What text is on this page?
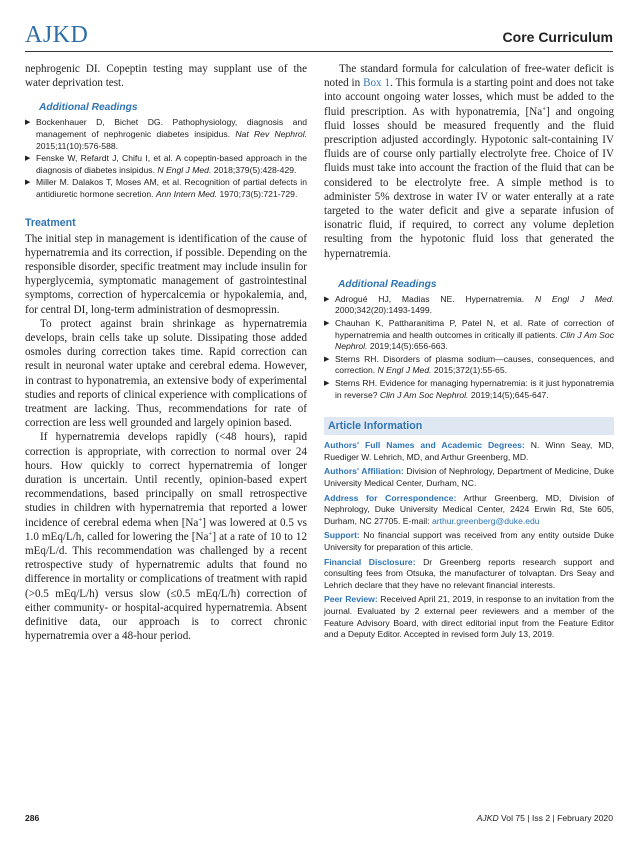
AJKD	Core Curriculum

nephrogenic DI. Copeptin testing may supplant use of the water deprivation test.

Additional Readings
▶ Bockenhauer D, Bichet DG. Pathophysiology, diagnosis and management of nephrogenic diabetes insipidus. Nat Rev Nephrol. 2015;11(10):576-588.
▶ Fenske W, Refardt J, Chifu I, et al. A copeptin-based approach in the diagnosis of diabetes insipidus. N Engl J Med. 2018;379(5):428-429.
▶ Miller M. Dalakos T, Moses AM, et al. Recognition of partial defects in antidiuretic hormone secretion. Ann Intern Med. 1970;73(5):721-729.
Treatment

The initial step in management is identification of the cause of hypernatremia and its correction, if possible. Depending on the responsible disorder, specific treatment may include insulin for hyperglycemia, symptomatic management of gastrointestinal symptoms, correction of hypercalcemia or hypokalemia, and, for central DI, long-term administration of desmopressin.

To protect against brain shrinkage as hypernatremia develops, brain cells take up solute. Dissipating those added osmoles during correction takes time. Rapid correction can result in neuronal water uptake and cerebral edema. However, in contrast to hyponatremia, an extensive body of experimental studies and reports of clinical experience with complications of treatment are lacking. Thus, recommendations for rate of correction are less well grounded and largely opinion based.

If hypernatremia develops rapidly (<48 hours), rapid correction is appropriate, with correction to normal over 24 hours. How quickly to correct hypernatremia of longer duration is uncertain. Until recently, opinion-based expert recommendations, based principally on small retrospective studies in children with hypernatremia that reported a lower incidence of cerebral edema when [Na+] was lowered at 0.5 vs 1.0 mEq/L/h, called for lowering the [Na+] at a rate of 10 to 12 mEq/L/d. This recommendation was challenged by a recent retrospective study of hypernatremic adults that found no difference in mortality or complications of treatment with rapid (>0.5 mEq/L/h) versus slow (≤0.5 mEq/L/h) correction of either community- or hospital-acquired hypernatremia. Absent definitive data, our approach is to correct chronic hypernatremia over a 48-hour period.

The standard formula for calculation of free-water deficit is noted in Box 1. This formula is a starting point and does not take into account ongoing water losses, which must be added to the fluid prescription. As with hyponatremia, [Na+] and ongoing fluid losses should be measured frequently and the fluid prescription adjusted accordingly. Hypotonic salt-containing IV fluids are of course only partially electrolyte free. Choice of IV fluids must take into account the fraction of the fluid that can be considered to be electrolyte free. A simple method is to administer 5% dextrose in water IV or water enterally at a rate targeted to the water deficit and give a separate infusion of isonatric fluid, if required, to correct any volume depletion resulting from the hypotonic fluid loss that generated the hypernatremia.

Additional Readings
▶ Adrogué HJ, Madias NE. Hypernatremia. N Engl J Med. 2000;342(20):1493-1499.
▶ Chauhan K, Pattharanitima P, Patel N, et al. Rate of correction of hypernatremia and health outcomes in critically ill patients. Clin J Am Soc Nephrol. 2019;14(5):656-663.
▶ Sterns RH. Disorders of plasma sodium—causes, consequences, and correction. N Engl J Med. 2015;372(1):55-65.
▶ Sterns RH. Evidence for managing hypernatremia: is it just hyponatremia in reverse? Clin J Am Soc Nephrol. 2019;14(5);645-647.
Article Information

Authors' Full Names and Academic Degrees: N. Winn Seay, MD, Ruediger W. Lehrich, MD, and Arthur Greenberg, MD.

Authors' Affiliation: Division of Nephrology, Department of Medicine, Duke University Medical Center, Durham, NC.

Address for Correspondence: Arthur Greenberg, MD, Division of Nephrology, Duke University Medical Center, 2424 Erwin Rd, Ste 605, Durham, NC 27705. E-mail: arthur.greenberg@duke.edu

Support: No financial support was received from any entity outside Duke University for preparation of this article.

Financial Disclosure: Dr Greenberg reports research support and consulting fees from Otsuka, the manufacturer of tolvaptan. Drs Seay and Lehrich declare that they have no relevant financial interests.

Peer Review: Received April 21, 2019, in response to an invitation from the journal. Evaluated by 2 external peer reviewers and a member of the Feature Advisory Board, with direct editorial input from the Feature Editor and a Deputy Editor. Accepted in revised form July 13, 2019.

286	AJKD Vol 75 | Iss 2 | February 2020
